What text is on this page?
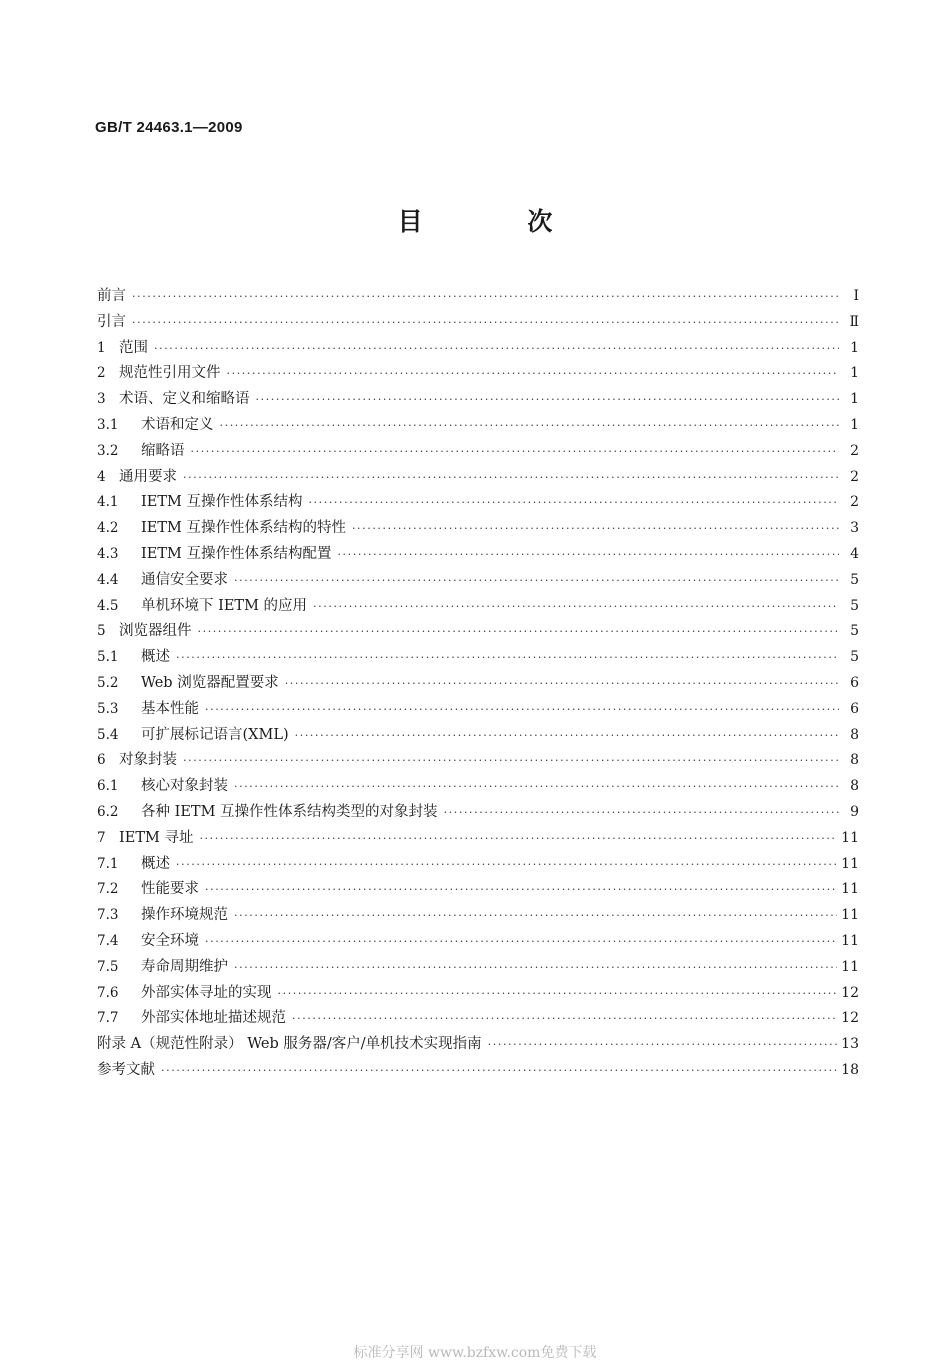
GB/T 24463.1—2009
目 次
前言 ·····	Ⅰ
引言 ·····	Ⅱ
1 范围 ·····	1
2 规范性引用文件 ·····	1
3 术语、定义和缩略语 ·····	1
3.1	术语和定义 ·····	1
3.2	缩略语 ·····	2
4 通用要求 ·····	2
4.1	IETM 互操作性体系结构 ·····	2
4.2	IETM 互操作性体系结构的特性 ·····	3
4.3	IETM 互操作性体系结构配置 ·····	4
4.4	通信安全要求 ·····	5
4.5	单机环境下 IETM 的应用 ·····	5
5 浏览器组件 ·····	5
5.1	概述 ·····	5
5.2	Web 浏览器配置要求 ·····	6
5.3	基本性能 ·····	6
5.4	可扩展标记语言(XML) ·····	8
6 对象封装 ·····	8
6.1	核心对象封装 ·····	8
6.2	各种 IETM 互操作性体系结构类型的对象封装 ·····	9
7 IETM 寻址 ·····	11
7.1	概述 ·····	11
7.2	性能要求 ·····	11
7.3	操作环境规范 ·····	11
7.4	安全环境 ·····	11
7.5	寿命周期维护 ·····	11
7.6	外部实体寻址的实现 ·····	12
7.7	外部实体地址描述规范 ·····	12
附录 A（规范性附录） Web 服务器/客户/单机技术实现指南 ·····	13
参考文献 ·····	18
标准分享网 www.bzfxw.com免费下载
